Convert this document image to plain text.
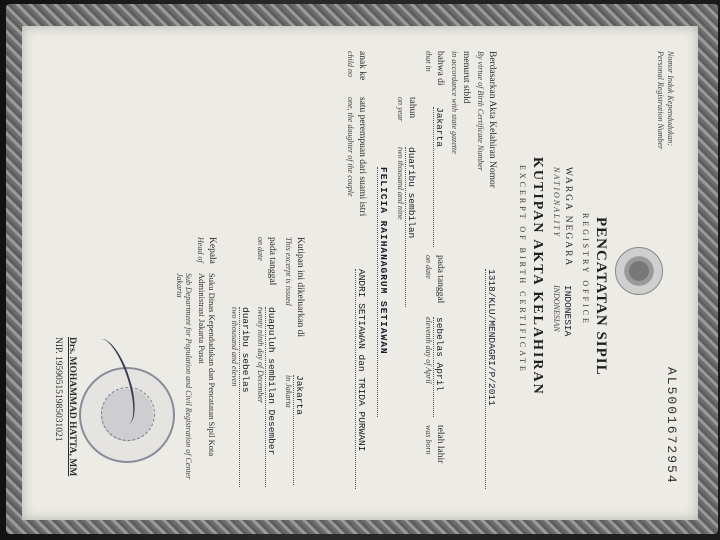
Nomor Induk Kependudukan:
Personal Registration Number
AL5001672954
PENCATATAN SIPIL
REGISTRY OFFICE
WARGA NEGARA
NATIONALITY
INDONESIA
INDONESIAN
KUTIPAN AKTA KELAHIRAN
EXCERPT OF BIRTH CERTIFICATE
Berdasarkan Akta Kelahiran Nomor
By virtue of Birth Certificate Number
1318/KLU/MENDAGRI/P/2011
menurut stbld
in accordance with state gazette
bahwa di
that in
Jakarta
pada tanggal
on date
sebelas April
eleventh day of April
telah lahir
was born
tahun
on year
duaribu sembilan
two thousand and nine
FELICIA RAIHANAGRUM SETIAWAN
anak ke
child no
satu perempuan dari suami istri
one, the daughter of the couple
ANDRI SETIAWAN dan TRIDA PURWANI
Kutipan ini dikeluarkan di
This excerpt is issued
Jakarta
in Jakarta
pada tanggal
on date
duapuluh sembilan Desember
twenty ninth day of December
duaribu sebelas
two thousand and eleven
Kepala
Head of
Suku Dinas Kependudukan dan Pencatatan Sipil Kota Administrasi Jakarta Pusat
Sub Department for Population and Civil Registration of Center Jakarta
Drs. MOHAMMAD HATTA, MM
NIP. 195905151985031021
